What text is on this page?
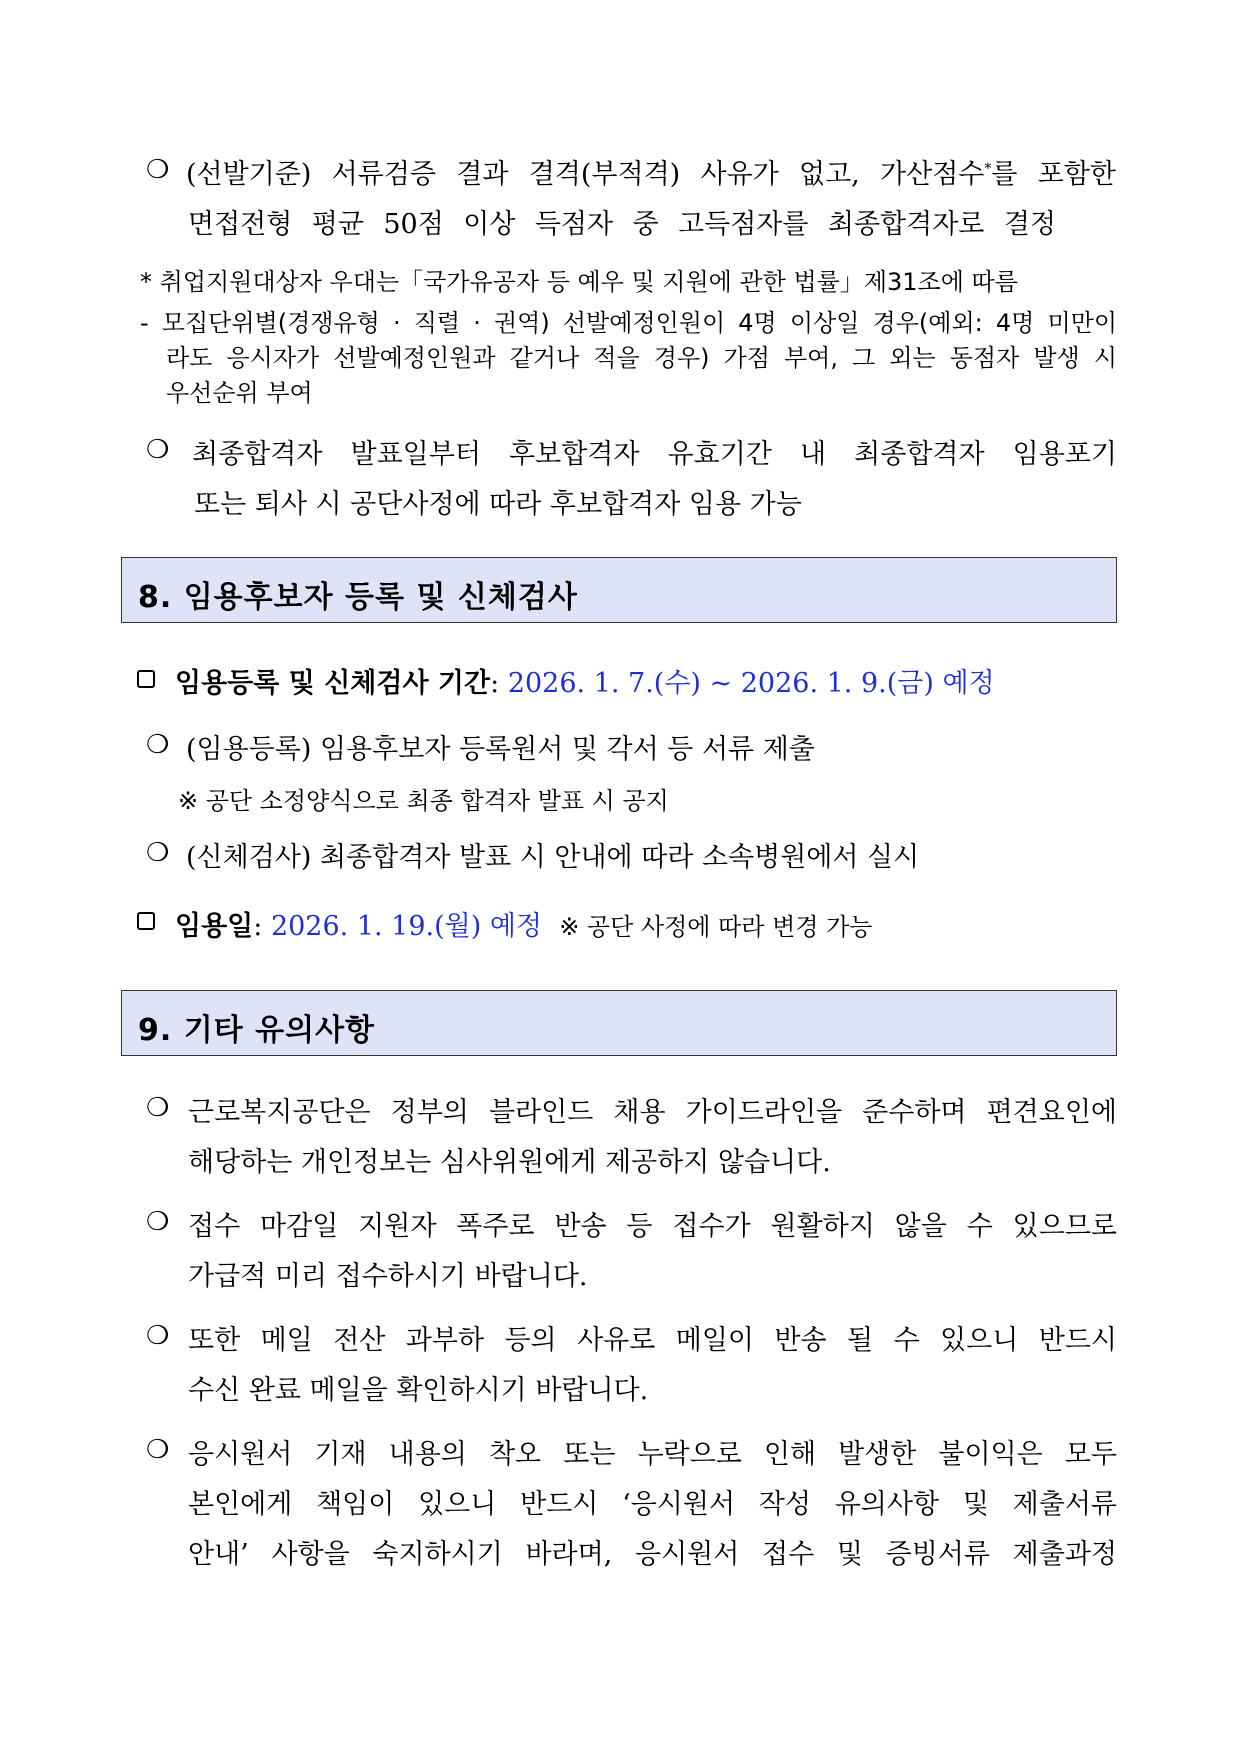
❍ (선발기준) 서류검증 결과 결격(부적격) 사유가 없고, 가산점수*를 포함한
면접전형 평균 50점 이상 득점자 중 고득점자를 최종합격자로 결정
* 취업지원대상자 우대는「국가유공자 등 예우 및 지원에 관한 법률」제31조에 따름
- 모집단위별(경쟁유형 · 직렬 · 권역) 선발예정인원이 4명 이상일 경우(예외: 4명 미만이
라도 응시자가 선발예정인원과 같거나 적을 경우) 가점 부여, 그 외는 동점자 발생 시
우선순위 부여
❍ 최종합격자 발표일부터 후보합격자 유효기간 내 최종합격자 임용포기
또는 퇴사 시 공단사정에 따라 후보합격자 임용 가능
8. 임용후보자 등록 및 신체검사
임용등록 및 신체검사 기간: 2026. 1. 7.(수) ~ 2026. 1. 9.(금) 예정
❍ (임용등록) 임용후보자 등록원서 및 각서 등 서류 제출
※ 공단 소정양식으로 최종 합격자 발표 시 공지
❍ (신체검사) 최종합격자 발표 시 안내에 따라 소속병원에서 실시
임용일: 2026. 1. 19.(월) 예정 ※ 공단 사정에 따라 변경 가능
9. 기타 유의사항
❍ 근로복지공단은 정부의 블라인드 채용 가이드라인을 준수하며 편견요인에
해당하는 개인정보는 심사위원에게 제공하지 않습니다.
❍ 접수 마감일 지원자 폭주로 반송 등 접수가 원활하지 않을 수 있으므로
가급적 미리 접수하시기 바랍니다.
❍ 또한 메일 전산 과부하 등의 사유로 메일이 반송 될 수 있으니 반드시
수신 완료 메일을 확인하시기 바랍니다.
❍ 응시원서 기재 내용의 착오 또는 누락으로 인해 발생한 불이익은 모두
본인에게 책임이 있으니 반드시 ‘응시원서 작성 유의사항 및 제출서류
안내’ 사항을 숙지하시기 바라며, 응시원서 접수 및 증빙서류 제출과정
